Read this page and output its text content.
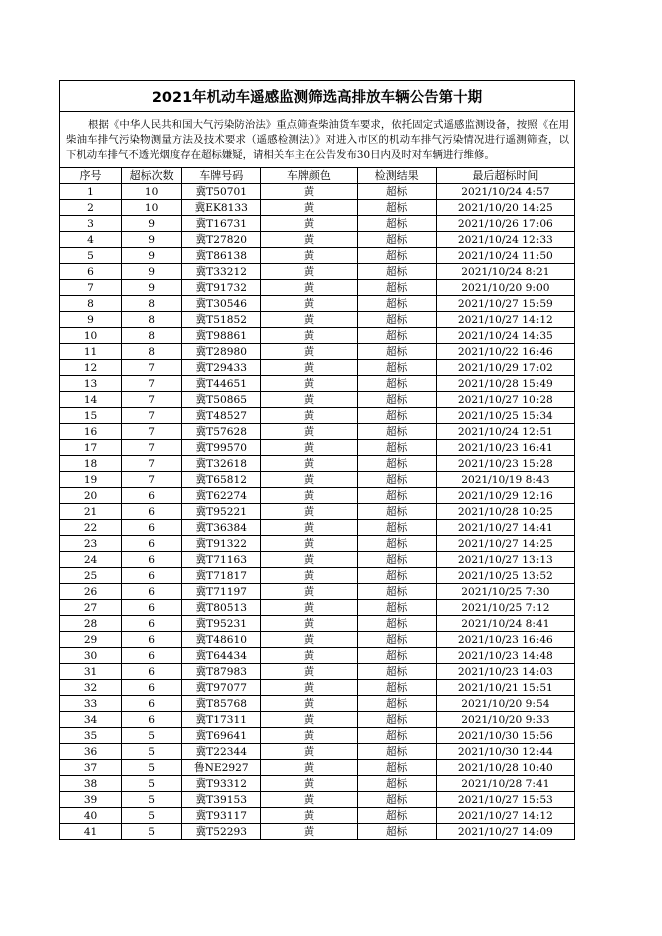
2021年机动车遥感监测筛选高排放车辆公告第十期
根据《中华人民共和国大气污染防治法》重点筛查柴油货车要求，依托固定式遥感监测设备，按照《在用柴油车排气污染物测量方法及技术要求（遥感检测法）》对进入市区的机动车排气污染情况进行遥测筛查，以下机动车排气不透光烟度存在超标嫌疑，请相关车主在公告发布30日内及时对车辆进行维修。
序号	超标次数	车牌号码	车牌颜色	检测结果	最后超标时间
1	10	冀T50701	黄	超标	2021/10/24 4:57
2	10	冀EK8133	黄	超标	2021/10/20 14:25
3	9	冀T16731	黄	超标	2021/10/26 17:06
4	9	冀T27820	黄	超标	2021/10/24 12:33
5	9	冀T86138	黄	超标	2021/10/24 11:50
6	9	冀T33212	黄	超标	2021/10/24 8:21
7	9	冀T91732	黄	超标	2021/10/20 9:00
8	8	冀T30546	黄	超标	2021/10/27 15:59
9	8	冀T51852	黄	超标	2021/10/27 14:12
10	8	冀T98861	黄	超标	2021/10/24 14:35
11	8	冀T28980	黄	超标	2021/10/22 16:46
12	7	冀T29433	黄	超标	2021/10/29 17:02
13	7	冀T44651	黄	超标	2021/10/28 15:49
14	7	冀T50865	黄	超标	2021/10/27 10:28
15	7	冀T48527	黄	超标	2021/10/25 15:34
16	7	冀T57628	黄	超标	2021/10/24 12:51
17	7	冀T99570	黄	超标	2021/10/23 16:41
18	7	冀T32618	黄	超标	2021/10/23 15:28
19	7	冀T65812	黄	超标	2021/10/19 8:43
20	6	冀T62274	黄	超标	2021/10/29 12:16
21	6	冀T95221	黄	超标	2021/10/28 10:25
22	6	冀T36384	黄	超标	2021/10/27 14:41
23	6	冀T91322	黄	超标	2021/10/27 14:25
24	6	冀T71163	黄	超标	2021/10/27 13:13
25	6	冀T71817	黄	超标	2021/10/25 13:52
26	6	冀T71197	黄	超标	2021/10/25 7:30
27	6	冀T80513	黄	超标	2021/10/25 7:12
28	6	冀T95231	黄	超标	2021/10/24 8:41
29	6	冀T48610	黄	超标	2021/10/23 16:46
30	6	冀T64434	黄	超标	2021/10/23 14:48
31	6	冀T87983	黄	超标	2021/10/23 14:03
32	6	冀T97077	黄	超标	2021/10/21 15:51
33	6	冀T85768	黄	超标	2021/10/20 9:54
34	6	冀T17311	黄	超标	2021/10/20 9:33
35	5	冀T69641	黄	超标	2021/10/30 15:56
36	5	冀T22344	黄	超标	2021/10/30 12:44
37	5	鲁NE2927	黄	超标	2021/10/28 10:40
38	5	冀T93312	黄	超标	2021/10/28 7:41
39	5	冀T39153	黄	超标	2021/10/27 15:53
40	5	冀T93117	黄	超标	2021/10/27 14:12
41	5	冀T52293	黄	超标	2021/10/27 14:09
